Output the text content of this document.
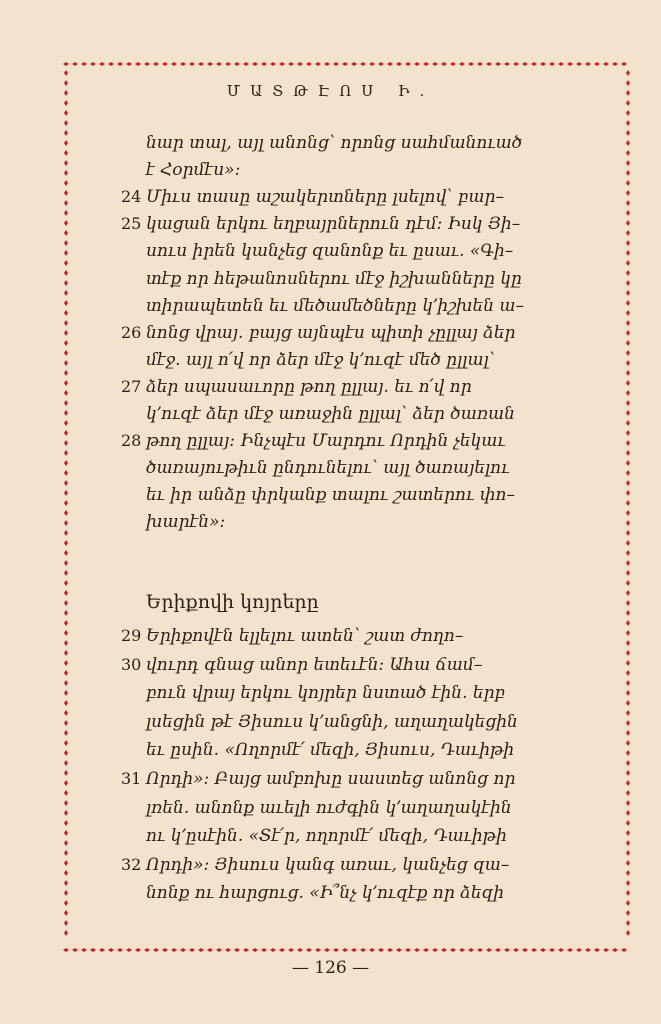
ՄԱՏԹԷՈՍ Ի.
նար տալ, այլ անոնց՝ որոնց սահմանուած
է Հօրմէս»:
Միւս տասը աշակերտները լսելով՝ բար–
կացան երկու եղբայրներուն դէմ: Իսկ Յի–
սուս իրեն կանչեց զանոնք եւ ըսաւ. «Գի–
տէք որ հեթանոսներու մէջ իշխանները կը
տիրապետեն եւ մեծամեծները կ՚իշխեն ա–
նոնց վրայ. բայց այնպէս պիտի չըլլայ ձեր
մէջ. այլ ո՛վ որ ձեր մէջ կ՚ուզէ մեծ ըլլալ՝
ձեր սպասաւորը թող ըլլայ. եւ ո՛վ որ
կ՚ուզէ ձեր մէջ առաջին ըլլալ՝ ձեր ծառան
թող ըլլայ: Ինչպէս Մարդու Որդին չեկաւ
ծառայութիւն ընդունելու՝ այլ ծառայելու
եւ իր անձը փրկանք տալու շատերու փո–
խարէն»:
24
25
26
27
28
Երիքովէն ելլելու ատեն՝ շատ ժողո–
վուրդ գնաց անոր ետեւէն: Ահա ճամ–
բուն վրայ երկու կոյրեր նստած էին. երբ
լսեցին թէ Յիսուս կ՚անցնի, աղաղակեցին
եւ ըսին. «Ողորմէ՛ մեզի, Յիսուս, Դաւիթի
Որդի»: Բայց ամբոխը սաստեց անոնց որ
լռեն. անոնք աւելի ուժգին կ՚աղաղակէին
ու կ՚ըսէին. «Տէ՛ր, ողորմէ՛ մեզի, Դաւիթի
Որդի»: Յիսուս կանգ առաւ, կանչեց զա–
նոնք ու հարցուց. «Ի՞նչ կ՚ուզէք որ ձեզի
29
30
31
32
Երիքովի կոյրերը
— 126 —
